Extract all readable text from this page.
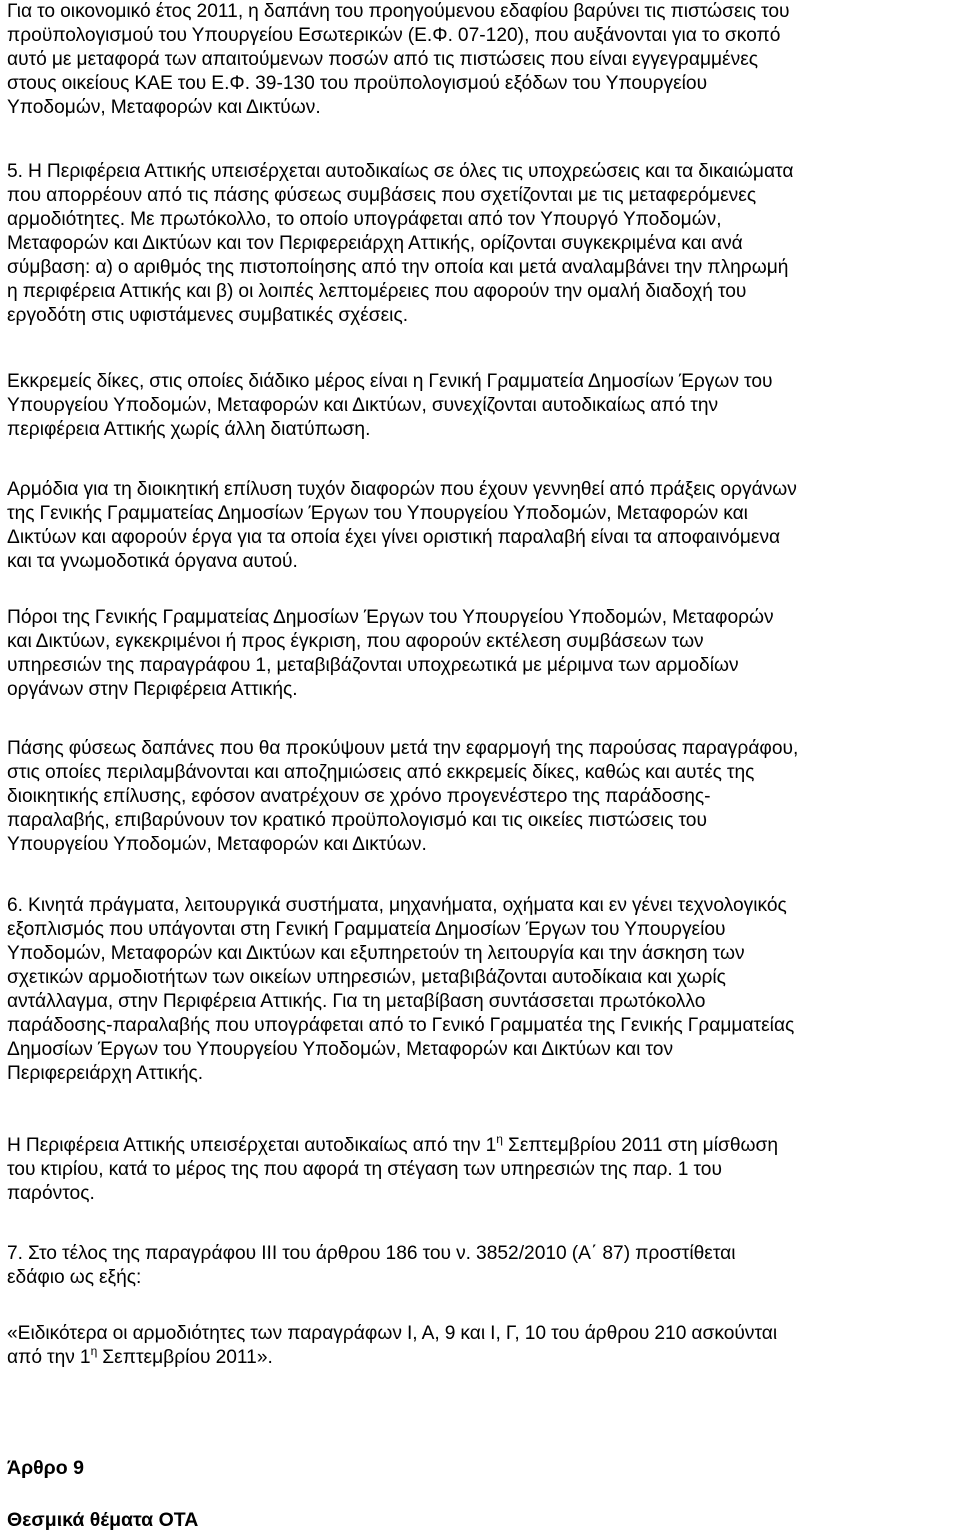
Για το οικονομικό έτος 2011, η δαπάνη του προηγούμενου εδαφίου βαρύνει τις πιστώσεις του
προϋπολογισμού του Υπουργείου Εσωτερικών (Ε.Φ. 07-120), που αυξάνονται για το σκοπό
αυτό με μεταφορά των απαιτούμενων ποσών από τις πιστώσεις που είναι εγγεγραμμένες
στους οικείους ΚΑΕ του Ε.Φ. 39-130 του προϋπολογισμού εξόδων του Υπουργείου
Υποδομών, Μεταφορών και Δικτύων.

5. Η Περιφέρεια Αττικής υπεισέρχεται αυτοδικαίως σε όλες τις υποχρεώσεις και τα δικαιώματα
που απορρέουν από τις πάσης φύσεως συμβάσεις που σχετίζονται με τις μεταφερόμενες
αρμοδιότητες. Με πρωτόκολλο, το οποίο υπογράφεται από τον Υπουργό Υποδομών,
Μεταφορών και Δικτύων και τον Περιφερειάρχη Αττικής, ορίζονται συγκεκριμένα και ανά
σύμβαση: α) ο αριθμός της πιστοποίησης από την οποία και μετά αναλαμβάνει την πληρωμή
η περιφέρεια Αττικής και β) οι λοιπές λεπτομέρειες που αφορούν την ομαλή διαδοχή του
εργοδότη στις υφιστάμενες συμβατικές σχέσεις.

Εκκρεμείς δίκες, στις οποίες διάδικο μέρος είναι η Γενική Γραμματεία Δημοσίων Έργων του
Υπουργείου Υποδομών, Μεταφορών και Δικτύων, συνεχίζονται αυτοδικαίως από την
περιφέρεια Αττικής χωρίς άλλη διατύπωση.

Αρμόδια για τη διοικητική επίλυση τυχόν διαφορών που έχουν γεννηθεί από πράξεις οργάνων
της Γενικής Γραμματείας Δημοσίων Έργων του Υπουργείου Υποδομών, Μεταφορών και
Δικτύων και αφορούν έργα για τα οποία έχει γίνει οριστική παραλαβή είναι τα αποφαινόμενα
και τα γνωμοδοτικά όργανα αυτού.

Πόροι της Γενικής Γραμματείας Δημοσίων Έργων του Υπουργείου Υποδομών, Μεταφορών
και Δικτύων, εγκεκριμένοι ή προς έγκριση, που αφορούν εκτέλεση συμβάσεων των
υπηρεσιών της παραγράφου 1, μεταβιβάζονται υποχρεωτικά με μέριμνα των αρμοδίων
οργάνων στην Περιφέρεια Αττικής.

Πάσης φύσεως δαπάνες που θα προκύψουν μετά την εφαρμογή της παρούσας παραγράφου,
στις οποίες περιλαμβάνονται και αποζημιώσεις από εκκρεμείς δίκες, καθώς και αυτές της
διοικητικής επίλυσης, εφόσον ανατρέχουν σε χρόνο προγενέστερο της παράδοσης-
παραλαβής, επιβαρύνουν τον κρατικό προϋπολογισμό και τις οικείες πιστώσεις του
Υπουργείου Υποδομών, Μεταφορών και Δικτύων.

6. Κινητά πράγματα, λειτουργικά συστήματα, μηχανήματα, οχήματα και εν γένει τεχνολογικός
εξοπλισμός που υπάγονται στη Γενική Γραμματεία Δημοσίων Έργων του Υπουργείου
Υποδομών, Μεταφορών και Δικτύων και εξυπηρετούν τη λειτουργία και την άσκηση των
σχετικών αρμοδιοτήτων των οικείων υπηρεσιών, μεταβιβάζονται αυτοδίκαια και χωρίς
αντάλλαγμα, στην Περιφέρεια Αττικής. Για τη μεταβίβαση συντάσσεται πρωτόκολλο
παράδοσης-παραλαβής που υπογράφεται από το Γενικό Γραμματέα της Γενικής Γραμματείας
Δημοσίων Έργων του Υπουργείου Υποδομών, Μεταφορών και Δικτύων και τον
Περιφερειάρχη Αττικής.

Η Περιφέρεια Αττικής υπεισέρχεται αυτοδικαίως από την $1^\eta$ Σεπτεμβρίου 2011 στη μίσθωση
του κτιρίου, κατά το μέρος της που αφορά τη στέγαση των υπηρεσιών της παρ. 1 του
παρόντος.

7. Στο τέλος της παραγράφου ΙΙΙ του άρθρου 186 του ν. 3852/2010 (Α΄ 87) προστίθεται
εδάφιο ως εξής:

«Ειδικότερα οι αρμοδιότητες των παραγράφων Ι, Α, 9 και Ι, Γ, 10 του άρθρου 210 ασκούνται
από την $1^\eta$ Σεπτεμβρίου 2011».

Άρθρο 9
Θεσμικά θέματα ΟΤΑ
